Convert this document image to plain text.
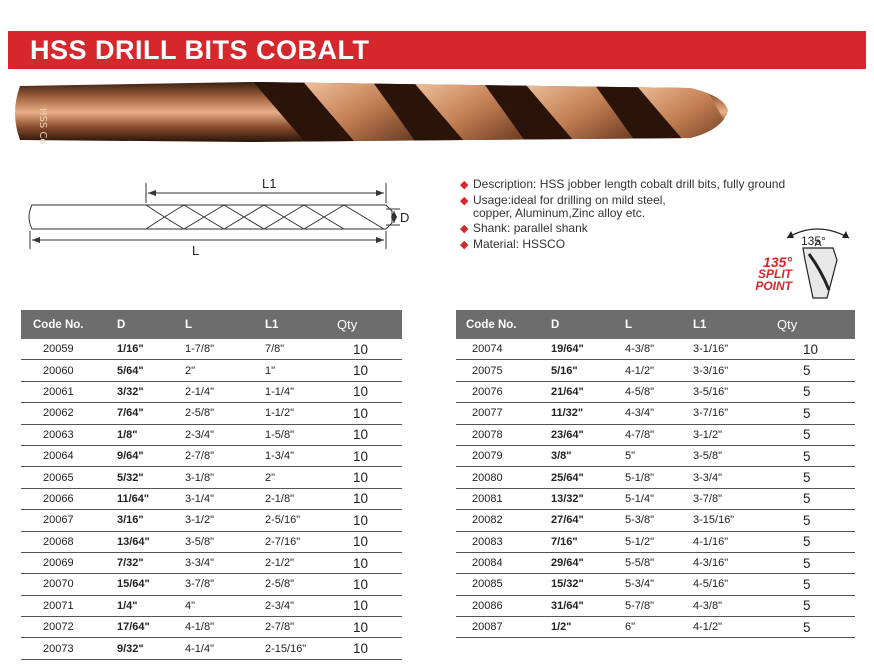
HSS DRILL BITS COBALT
HSS Co
L1
L
D
◆ Description: HSS jobber length cobalt drill bits, fully ground
◆ Usage:ideal for drilling on mild steel,
copper, Aluminum,Zinc alloy etc.
◆ Shank: parallel shank
◆ Material: HSSCO	135°
135°
SPLIT
POINT
Code No.	D	L	L1	Qty
20059	1/16"	1-7/8"	7/8"	10
20060	5/64"	2"	1"	10
20061	3/32"	2-1/4"	1-1/4"	10
20062	7/64"	2-5/8"	1-1/2"	10
20063	1/8"	2-3/4"	1-5/8"	10
20064	9/64"	2-7/8"	1-3/4"	10
20065	5/32"	3-1/8"	2"	10
20066	11/64"	3-1/4"	2-1/8"	10
20067	3/16"	3-1/2"	2-5/16"	10
20068	13/64"	3-5/8"	2-7/16"	10
20069	7/32"	3-3/4"	2-1/2"	10
20070	15/64"	3-7/8"	2-5/8"	10
20071	1/4"	4"	2-3/4"	10
20072	17/64"	4-1/8"	2-7/8"	10
20073	9/32"	4-1/4"	2-15/16"	10
Code No.	D	L	L1	Qty
20074	19/64"	4-3/8"	3-1/16"	10
20075	5/16"	4-1/2"	3-3/16"	5
20076	21/64"	4-5/8"	3-5/16"	5
20077	11/32"	4-3/4"	3-7/16"	5
20078	23/64"	4-7/8"	3-1/2"	5
20079	3/8"	5"	3-5/8"	5
20080	25/64"	5-1/8"	3-3/4"	5
20081	13/32"	5-1/4"	3-7/8"	5
20082	27/64"	5-3/8"	3-15/16"	5
20083	7/16"	5-1/2"	4-1/16"	5
20084	29/64"	5-5/8"	4-3/16"	5
20085	15/32"	5-3/4"	4-5/16"	5
20086	31/64"	5-7/8"	4-3/8"	5
20087	1/2"	6"	4-1/2"	5
